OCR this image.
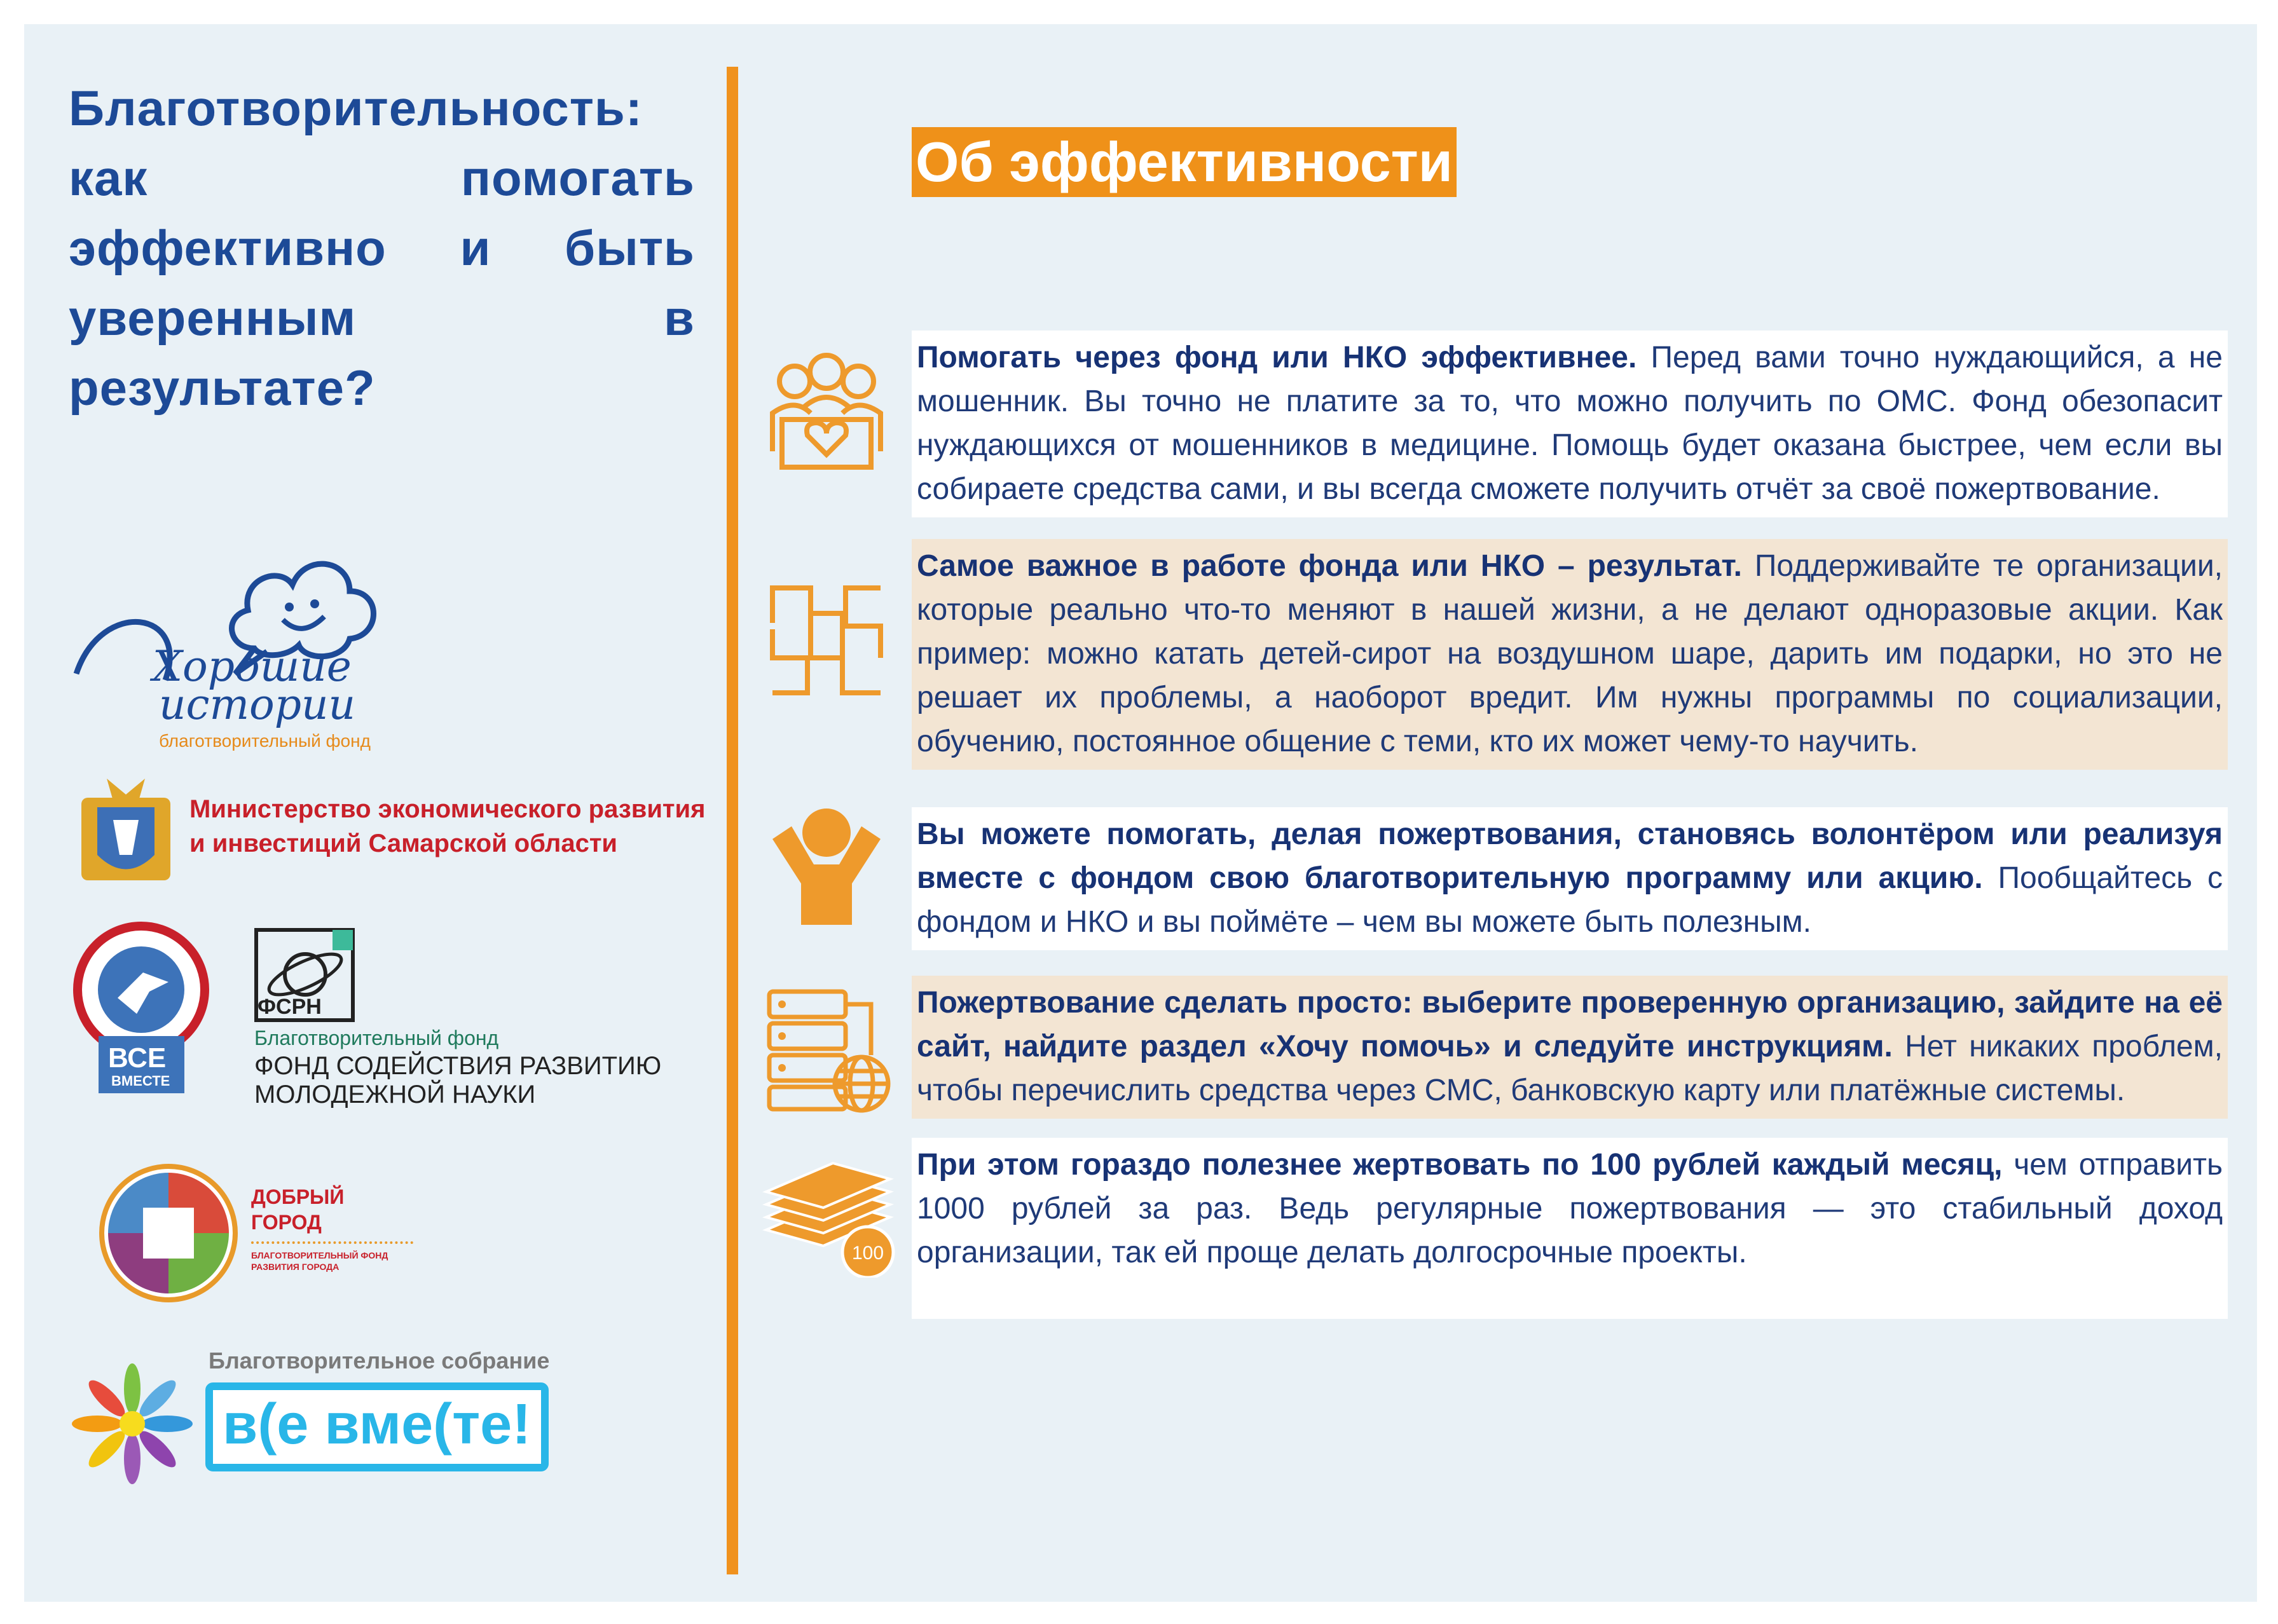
Благотворительность: как помогать эффективно и быть уверенным в результате?
Хорошие
истории
благотворительный фонд
Министерство экономического развития
и инвестиций Самарской области
ВСЕ
ВМЕСТЕ
ФСРН
Благотворительный фонд
ФОНД СОДЕЙСТВИЯ РАЗВИТИЮ
МОЛОДЕЖНОЙ НАУКИ
ДОБРЫЙ
ГОРОД
БЛАГОТВОРИТЕЛЬНЫЙ ФОНД
РАЗВИТИЯ ГОРОДА
Благотворительное собрание
в(е вме(те!
Об эффективности
Помогать через фонд или НКО эффективнее. Перед вами точно нуждающийся, а не мошенник. Вы точно не платите за то, что можно получить по ОМС. Фонд обезопасит нуждающихся от мошенников в медицине. Помощь будет оказана быстрее, чем если вы собираете средства сами, и вы всегда сможете получить отчёт за своё пожертвование.
Самое важное в работе фонда или НКО – результат. Поддерживайте те организации, которые реально что-то меняют в нашей жизни, а не делают одноразовые акции. Как пример: можно катать детей-сирот на воздушном шаре, дарить им подарки, но это не решает их проблемы, а наоборот вредит. Им нужны программы по социализации, обучению, постоянное общение с теми, кто их может чему-то научить.
Вы можете помогать, делая пожертвования, становясь волонтёром или реализуя вместе с фондом свою благотворительную программу или акцию. Пообщайтесь с фондом и НКО и вы поймёте – чем вы можете быть полезным.
Пожертвование сделать просто: выберите проверенную организацию, зайдите на её сайт, найдите раздел «Хочу помочь» и следуйте инструкциям. Нет никаких проблем, чтобы перечислить средства через СМС, банковскую карту или платёжные системы.
100
При этом гораздо полезнее жертвовать по 100 рублей каждый месяц, чем отправить 1000 рублей за раз. Ведь регулярные пожертвования — это стабильный доход организации, так ей проще делать долгосрочные проекты.
